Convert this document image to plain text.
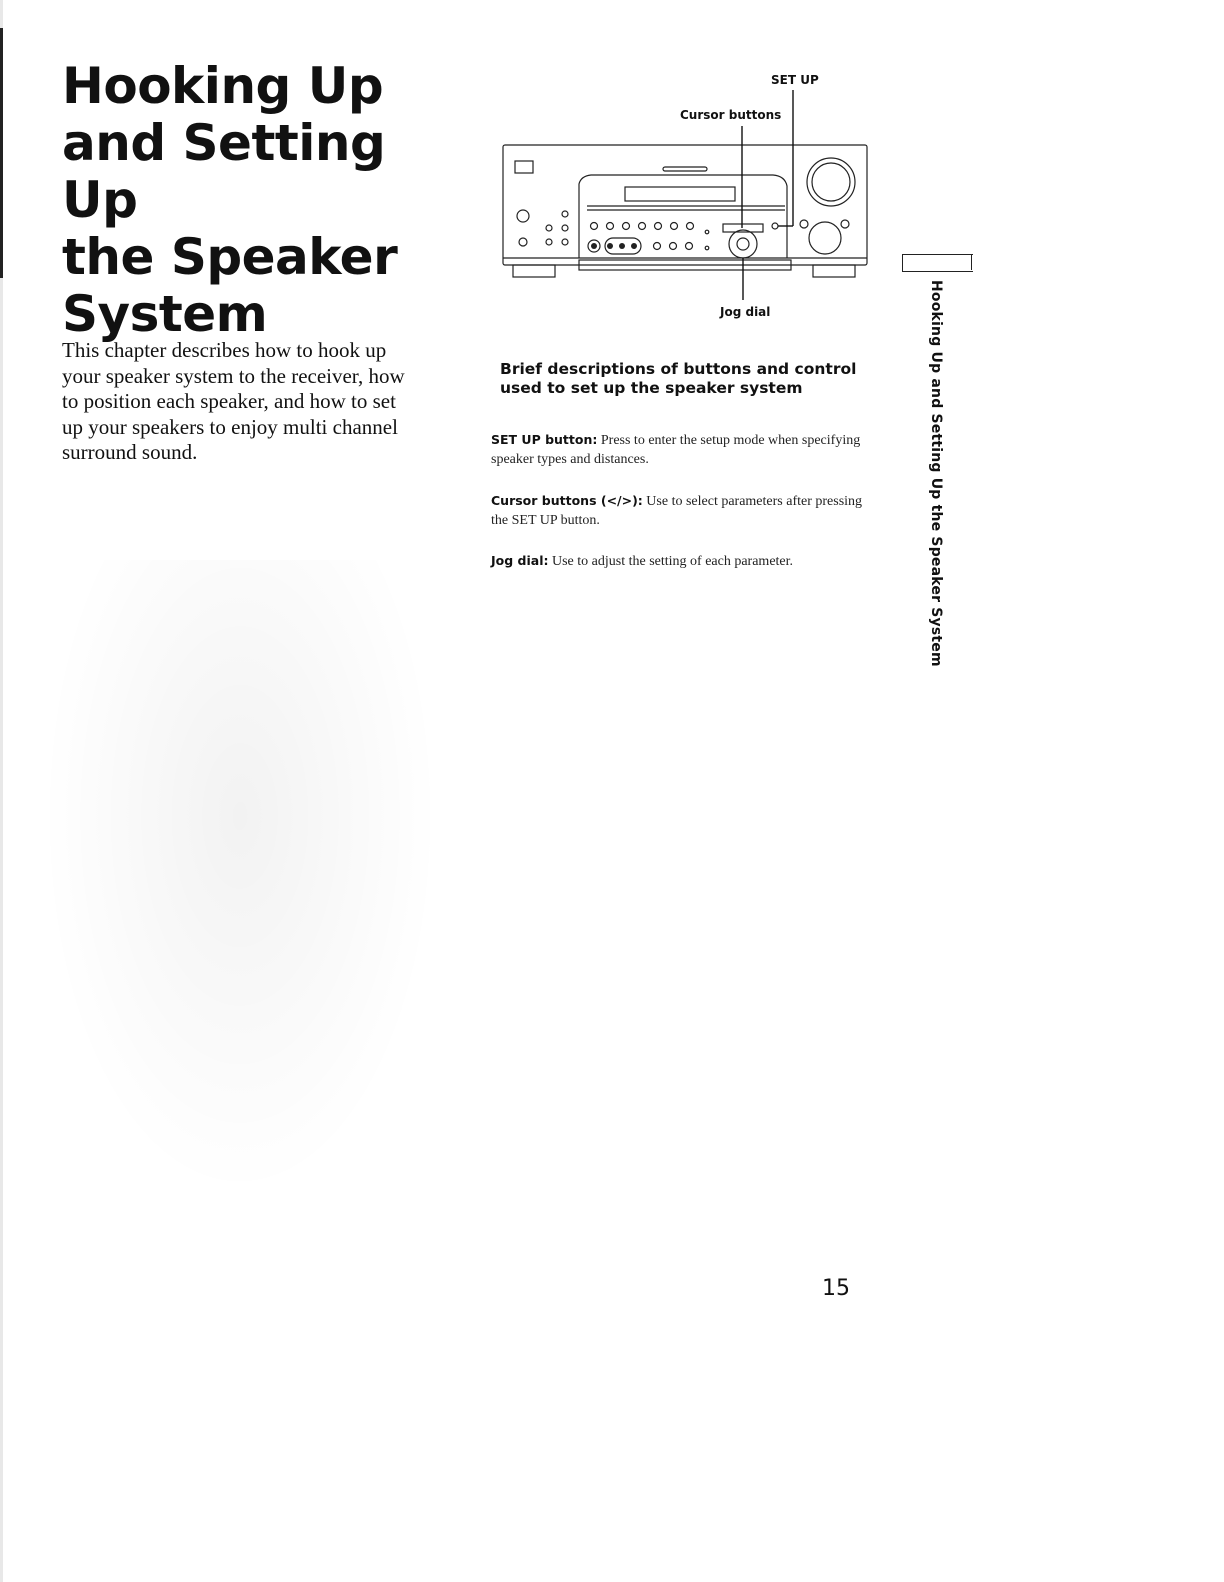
Hooking Up
and Setting Up
the Speaker
System

This chapter describes how to hook up your speaker system to the receiver, how to position each speaker, and how to set up your speakers to enjoy multi channel surround sound.

SET UP
Cursor buttons
Jog dial
Brief descriptions of buttons and control used to set up the speaker system

SET UP button: Press to enter the setup mode when specifying speaker types and distances.

Cursor buttons (</>): Use to select parameters after pressing the SET UP button.

Jog dial: Use to adjust the setting of each parameter.	Hooking Up and Setting Up the Speaker System
15
